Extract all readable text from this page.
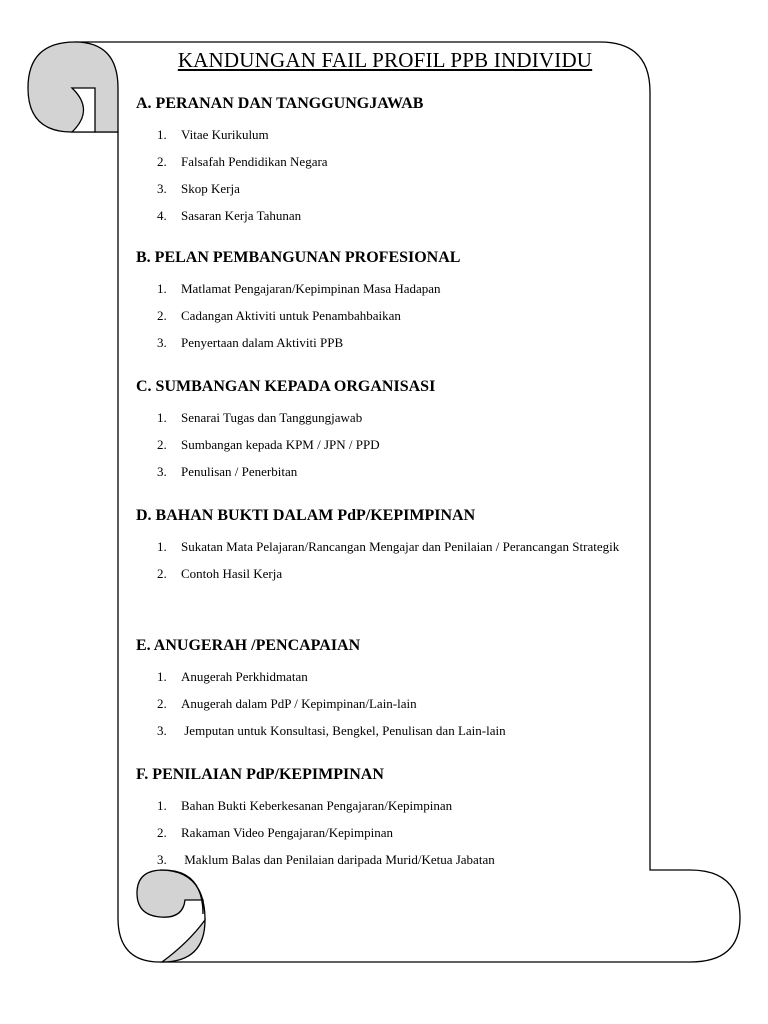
KANDUNGAN FAIL PROFIL PPB INDIVIDU
A. PERANAN DAN TANGGUNGJAWAB
1. Vitae Kurikulum
2. Falsafah Pendidikan Negara
3. Skop Kerja
4. Sasaran Kerja Tahunan
B. PELAN PEMBANGUNAN PROFESIONAL
1. Matlamat Pengajaran/Kepimpinan Masa Hadapan
2. Cadangan Aktiviti untuk Penambahbaikan
3. Penyertaan dalam Aktiviti PPB
C. SUMBANGAN KEPADA ORGANISASI
1. Senarai Tugas dan Tanggungjawab
2. Sumbangan kepada KPM / JPN / PPD
3. Penulisan / Penerbitan
D. BAHAN BUKTI DALAM PdP/KEPIMPINAN
1. Sukatan Mata Pelajaran/Rancangan Mengajar dan Penilaian / Perancangan Strategik
2. Contoh Hasil Kerja
E. ANUGERAH /PENCAPAIAN
1. Anugerah Perkhidmatan
2. Anugerah dalam PdP / Kepimpinan/Lain-lain
3. Jemputan untuk Konsultasi, Bengkel, Penulisan dan Lain-lain
F. PENILAIAN PdP/KEPIMPINAN
1. Bahan Bukti Keberkesanan Pengajaran/Kepimpinan
2. Rakaman Video Pengajaran/Kepimpinan
3. Maklum Balas dan Penilaian daripada Murid/Ketua Jabatan
